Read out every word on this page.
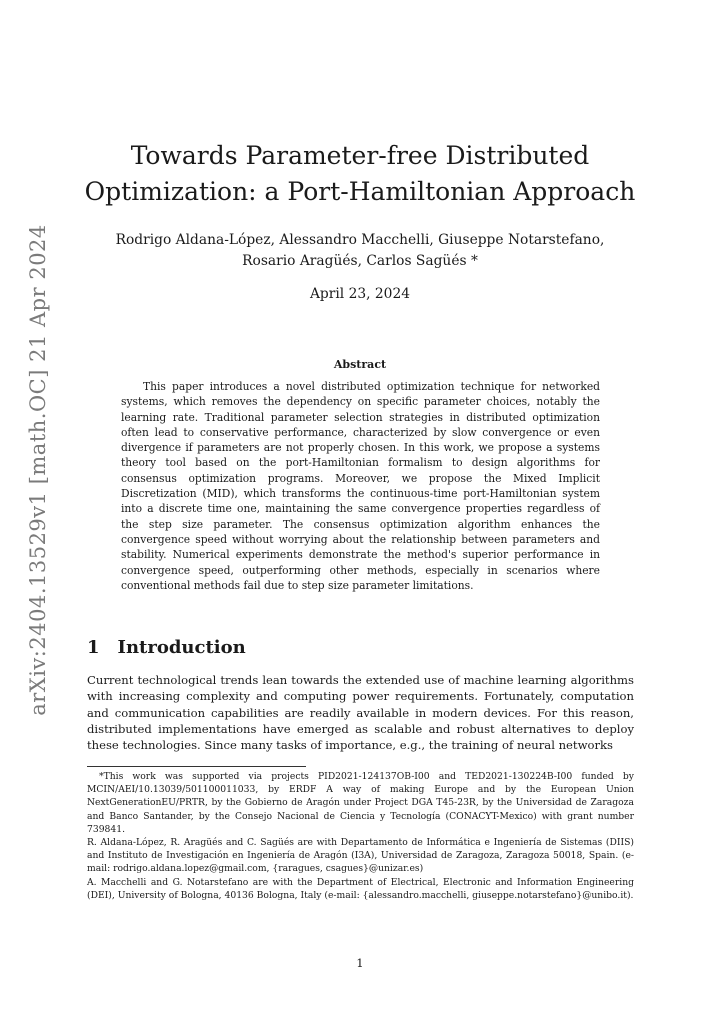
arXiv:2404.13529v1 [math.OC] 21 Apr 2024
Towards Parameter-free Distributed Optimization: a Port-Hamiltonian Approach
Rodrigo Aldana-López, Alessandro Macchelli, Giuseppe Notarstefano,
Rosario Aragüés, Carlos Sagüés *
April 23, 2024
Abstract

This paper introduces a novel distributed optimization technique for networked systems, which removes the dependency on specific parameter choices, notably the learning rate. Traditional parameter selection strategies in distributed optimization often lead to conservative performance, characterized by slow convergence or even divergence if parameters are not properly chosen. In this work, we propose a systems theory tool based on the port-Hamiltonian formalism to design algorithms for consensus optimization programs. Moreover, we propose the Mixed Implicit Discretization (MID), which transforms the continuous-time port-Hamiltonian system into a discrete time one, maintaining the same convergence properties regardless of the step size parameter. The consensus optimization algorithm enhances the convergence speed without worrying about the relationship between parameters and stability. Numerical experiments demonstrate the method's superior performance in convergence speed, outperforming other methods, especially in scenarios where conventional methods fail due to step size parameter limitations.

1 Introduction

Current technological trends lean towards the extended use of machine learning algorithms with increasing complexity and computing power requirements. Fortunately, computation and communication capabilities are readily available in modern devices. For this reason, distributed implementations have emerged as scalable and robust alternatives to deploy these technologies. Since many tasks of importance, e.g., the training of neural networks

*This work was supported via projects PID2021-124137OB-I00 and TED2021-130224B-I00 funded by MCIN/AEI/10.13039/501100011033, by ERDF A way of making Europe and by the European Union NextGenerationEU/PRTR, by the Gobierno de Aragón under Project DGA T45-23R, by the Universidad de Zaragoza and Banco Santander, by the Consejo Nacional de Ciencia y Tecnología (CONACYT-Mexico) with grant number 739841.

R. Aldana-López, R. Aragüés and C. Sagüés are with Departamento de Informática e Ingeniería de Sistemas (DIIS) and Instituto de Investigación en Ingeniería de Aragón (I3A), Universidad de Zaragoza, Zaragoza 50018, Spain. (e-mail: rodrigo.aldana.lopez@gmail.com, {raragues, csagues}@unizar.es)

A. Macchelli and G. Notarstefano are with the Department of Electrical, Electronic and Information Engineering (DEI), University of Bologna, 40136 Bologna, Italy (e-mail: {alessandro.macchelli, giuseppe.notarstefano}@unibo.it).

1
